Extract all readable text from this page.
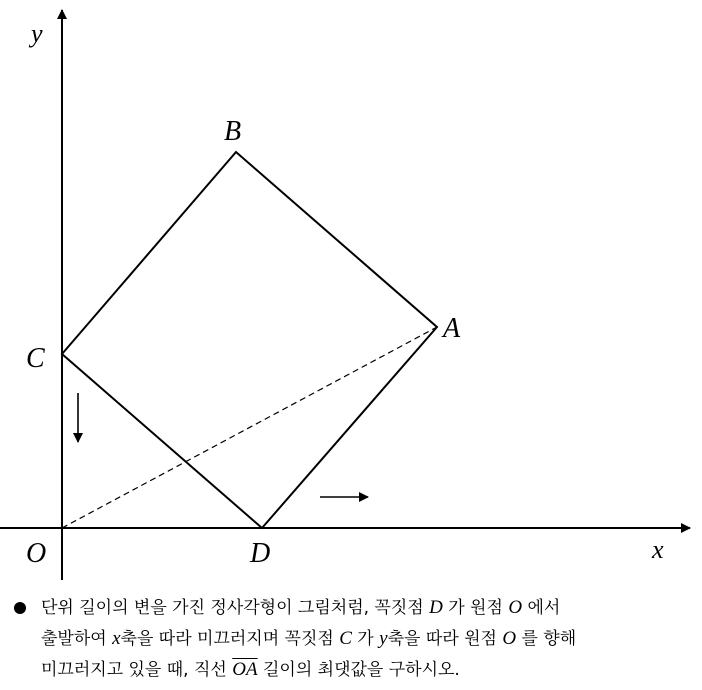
y
x
B
A
C
O	D
단위 길이의 변을 가진 정사각형이 그림처럼, 꼭짓점 D 가 원점 O 에서
출발하여 x축을 따라 미끄러지며 꼭짓점 C 가 y축을 따라 원점 O 를 향해
미끄러지고 있을 때, 직선 $\overline{OA}$ 길이의 최댓값을 구하시오.
